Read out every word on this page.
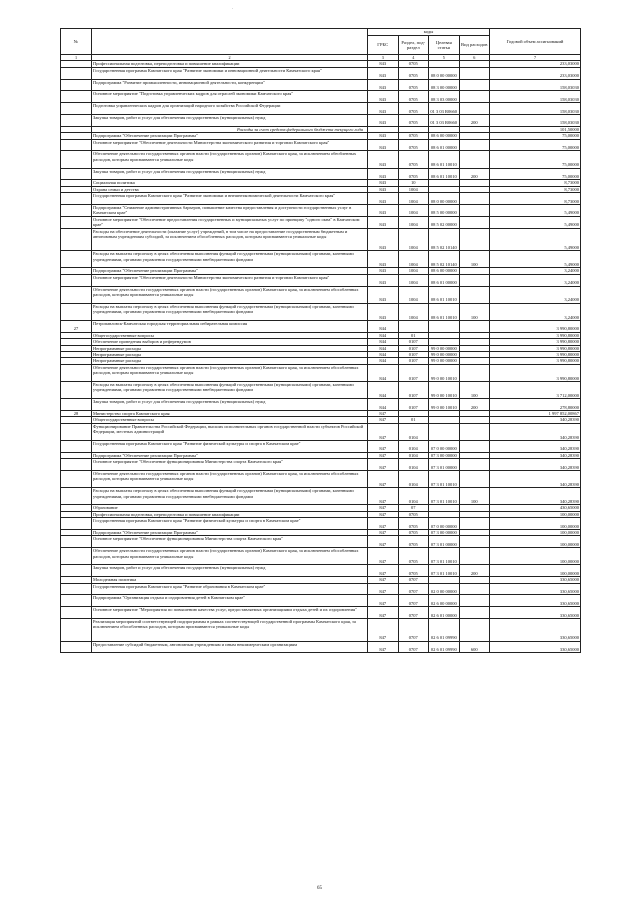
·
№		коды				Годовой объем ассигнований
		ГРБС	Раздел, под-раздел	Целевая статья	Вид расходов	
1	2	3	4	5	6	7
	Профессиональная подготовка, переподготовка и повышение квалификации	843	0705			233,03000
	Государственная программа Камчатского края "Развитие экономики и инновационной деятельности Камчатского края"	843	0705	08 0 00 00000		233,03000
	Подпрограмма "Развитие промышленности, инновационной деятельности, конкуренции"	843	0705	08 3 00 00000		158,03030
	Основное мероприятие "Подготовка управленческих кадров для отраслей экономики Камчатского края"	843	0705	08 3 03 00000		158,03030
	Подготовка управленческих кадров для организаций народного хозяйства Российской Федерации	843	0705	01 3 03 R0660		158,03030
	Закупка товаров, работ и услуг для обеспечения государственных (муниципальных) нужд	843	0705	01 3 03 R0660	200	158,03030
	Расходы за счет средств федерального бюджета текущего года					101,50000
	Подпрограмма "Обеспечение реализации Программы"	843	0705	08 6 00 00000		75,00000
	Основное мероприятие "Обеспечение деятельности Министерства экономического развития и торговли Камчатского края"	843	0705	08 6 01 00000		75,00000
	Обеспечение деятельности государственных органов власти (государственных органов) Камчатского края, за исключением обеобленных расходов, которым присваиваются уникальные коды	843	0705	08 6 01 10010		75,00000
	Закупка товаров, работ и услуг для обеспечения государственных (муниципальных) нужд	843	0705	08 6 01 10010	200	75,00000
	Социальная политика	843	10			8,73000
	Охрана семьи и детства	843	1004			8,73000
	Государственная программа Камчатского края "Развитие экономики и внешнеэкономической деятельности Камчатского края"	843	1004	08 0 00 00000		8,73000
	Подпрограмма "Снижение административных барьеров, повышение качества предоставления и доступности государственных услуг в Камчатском крае"	843	1004	08 5 00 00000		5,49000
	Основное мероприятие "Обеспечение предоставления государственных и муниципальных услуг по принципу "одного окна" в Камчатском крае"	843	1004	08 5 02 00000		5,49000
	Расходы на обеспечение деятельности (оказание услуг) учреждений, в том числе на предоставление государственным бюджетным и автономным учреждениям субсидий, за исключением обособленных расходов, которым присваиваются уникальные коды	843	1004	08 5 02 10140		5,49000
	Расходы на выплаты персоналу в целях обеспечения выполнения функций государственными (муниципальными) органами, казенными учреждениями, органами управления государственными внебюджетными фондами	843	1004	08 5 02 10140	100	5,49000
	Подпрограмма "Обеспечение реализации Программы"	843	1004	08 6 00 00000		3,24000
	Основное мероприятие "Обеспечение деятельности Министерства экономического развития и торговли Камчатского края"	843	1004	08 6 01 00000		3,24000
	Обеспечение деятельности государственных органов власти (государственных органов) Камчатского края, за исключением обособленных расходов, которым присваиваются уникальные коды	843	1004	08 6 01 10010		3,24000
	Расходы на выплаты персоналу в целях обеспечения выполнения функций государственными (муниципальными) органами, казенными учреждениями, органами управления государственными внебюджетными фондами	843	1004	08 6 01 10010	100	3,24000
27	Петропавловск-Камчатская городская территориальная избирательная комиссия	844				3 990,80000
	Общегосударственные вопросы	844	01			3 990,80000
	Обеспечение проведения выборов и референдумов	844	0107			3 990,80000
	Непрограммные расходы	844	0107	99 0 00 00000		3 990,80000
	Непрограммные расходы	844	0107	99 0 00 00000		3 990,80000
	Непрограммные расходы	844	0107	99 0 00 00000		3 990,80000
	Обеспечение деятельности государственных органов власти (государственных органов) Камчатского края, за исключением обособленных расходов, которым присваиваются уникальные коды	844	0107	99 0 00 10010		3 990,80000
	Расходы на выплаты персоналу в целях обеспечения выполнения функций государственными (муниципальными) органами, казенными учреждениями, органами управления государственными внебюджетными фондами	844	0107	99 0 00 10010	100	3 712,00000
	Закупка товаров, работ и услуг для обеспечения государственных (муниципальных) нужд	844	0107	99 0 00 10010	200	278,80000
28	Министерство спорта Камчатского края	847				1 997 852,00867
	Общегосударственные вопросы	847	01			340,28390
	Функционирование Правительства Российской Федерации, высших исполнительных органов государственной власти субъектов Российской Федерации, местных администраций	847	0104			340,28390
	Государственная программа Камчатского края "Развитие физической культуры и спорта в Камчатском крае"	847	0104	07 0 00 00000		340,28390
	Подпрограмма "Обеспечение реализации Программы"	847	0104	07 3 00 00000		340,28390
	Основное мероприятие "Обеспечение функционирования Министерства спорта Камчатского края"	847	0104	07 3 01 00000		340,28390
	Обеспечение деятельности государственных органов власти (государственных органов) Камчатского края, за исключением обособленных расходов, которым присваиваются уникальные коды	847	0104	07 3 01 10010		340,28390
	Расходы на выплаты персоналу в целях обеспечения выполнения функций государственными (муниципальными) органами, казенными учреждениями, органами управления государственными внебюджетными фондами	847	0104	07 3 01 10010	100	340,28390
	Образование	847	07			430,65000
	Профессиональная подготовка, переподготовка и повышение квалификации	847	0705			100,00000
	Государственная программа Камчатского края "Развитие физической культуры и спорта в Камчатском крае"	847	0705	07 0 00 00000		100,00000
	Подпрограмма "Обеспечение реализации Программы"	847	0705	07 3 00 00000		100,00000
	Основное мероприятие "Обеспечение функционирования Министерства спорта Камчатского края"	847	0705	07 3 01 00000		100,00000
	Обеспечение деятельности государственных органов власти (государственных органов) Камчатского края, за исключением обособленных расходов, которым присваиваются уникальные коды	847	0705	07 3 01 10010		100,00000
	Закупка товаров, работ и услуг для обеспечения государственных (муниципальных) нужд	847	0705	07 3 01 10010	200	100,00000
	Молодежная политика	847	0707			330,65000
	Государственная программа Камчатского края "Развитие образования в Камчатском крае"	847	0707	02 0 00 00000		330,65000
	Подпрограмма "Организация отдыха и оздоровления детей в Камчатском крае"	847	0707	02 6 00 00000		330,65000
	Основное мероприятие "Мероприятия по повышению качества услуг, предоставляемых организациями отдыха детей и их оздоровления"	847	0707	02 6 01 00000		330,65000
	Реализация мероприятий соответствующей подпрограммы в рамках соответствующей государственной программы Камчатского края, за исключением обособленных расходов, которым присваиваются уникальные коды	847	0707	02 6 01 09990		330,65000
	Предоставление субсидий бюджетным, автономным учреждениям и иным некоммерческим организациям	847	0707	02 6 01 09990	600	330,65000
65
